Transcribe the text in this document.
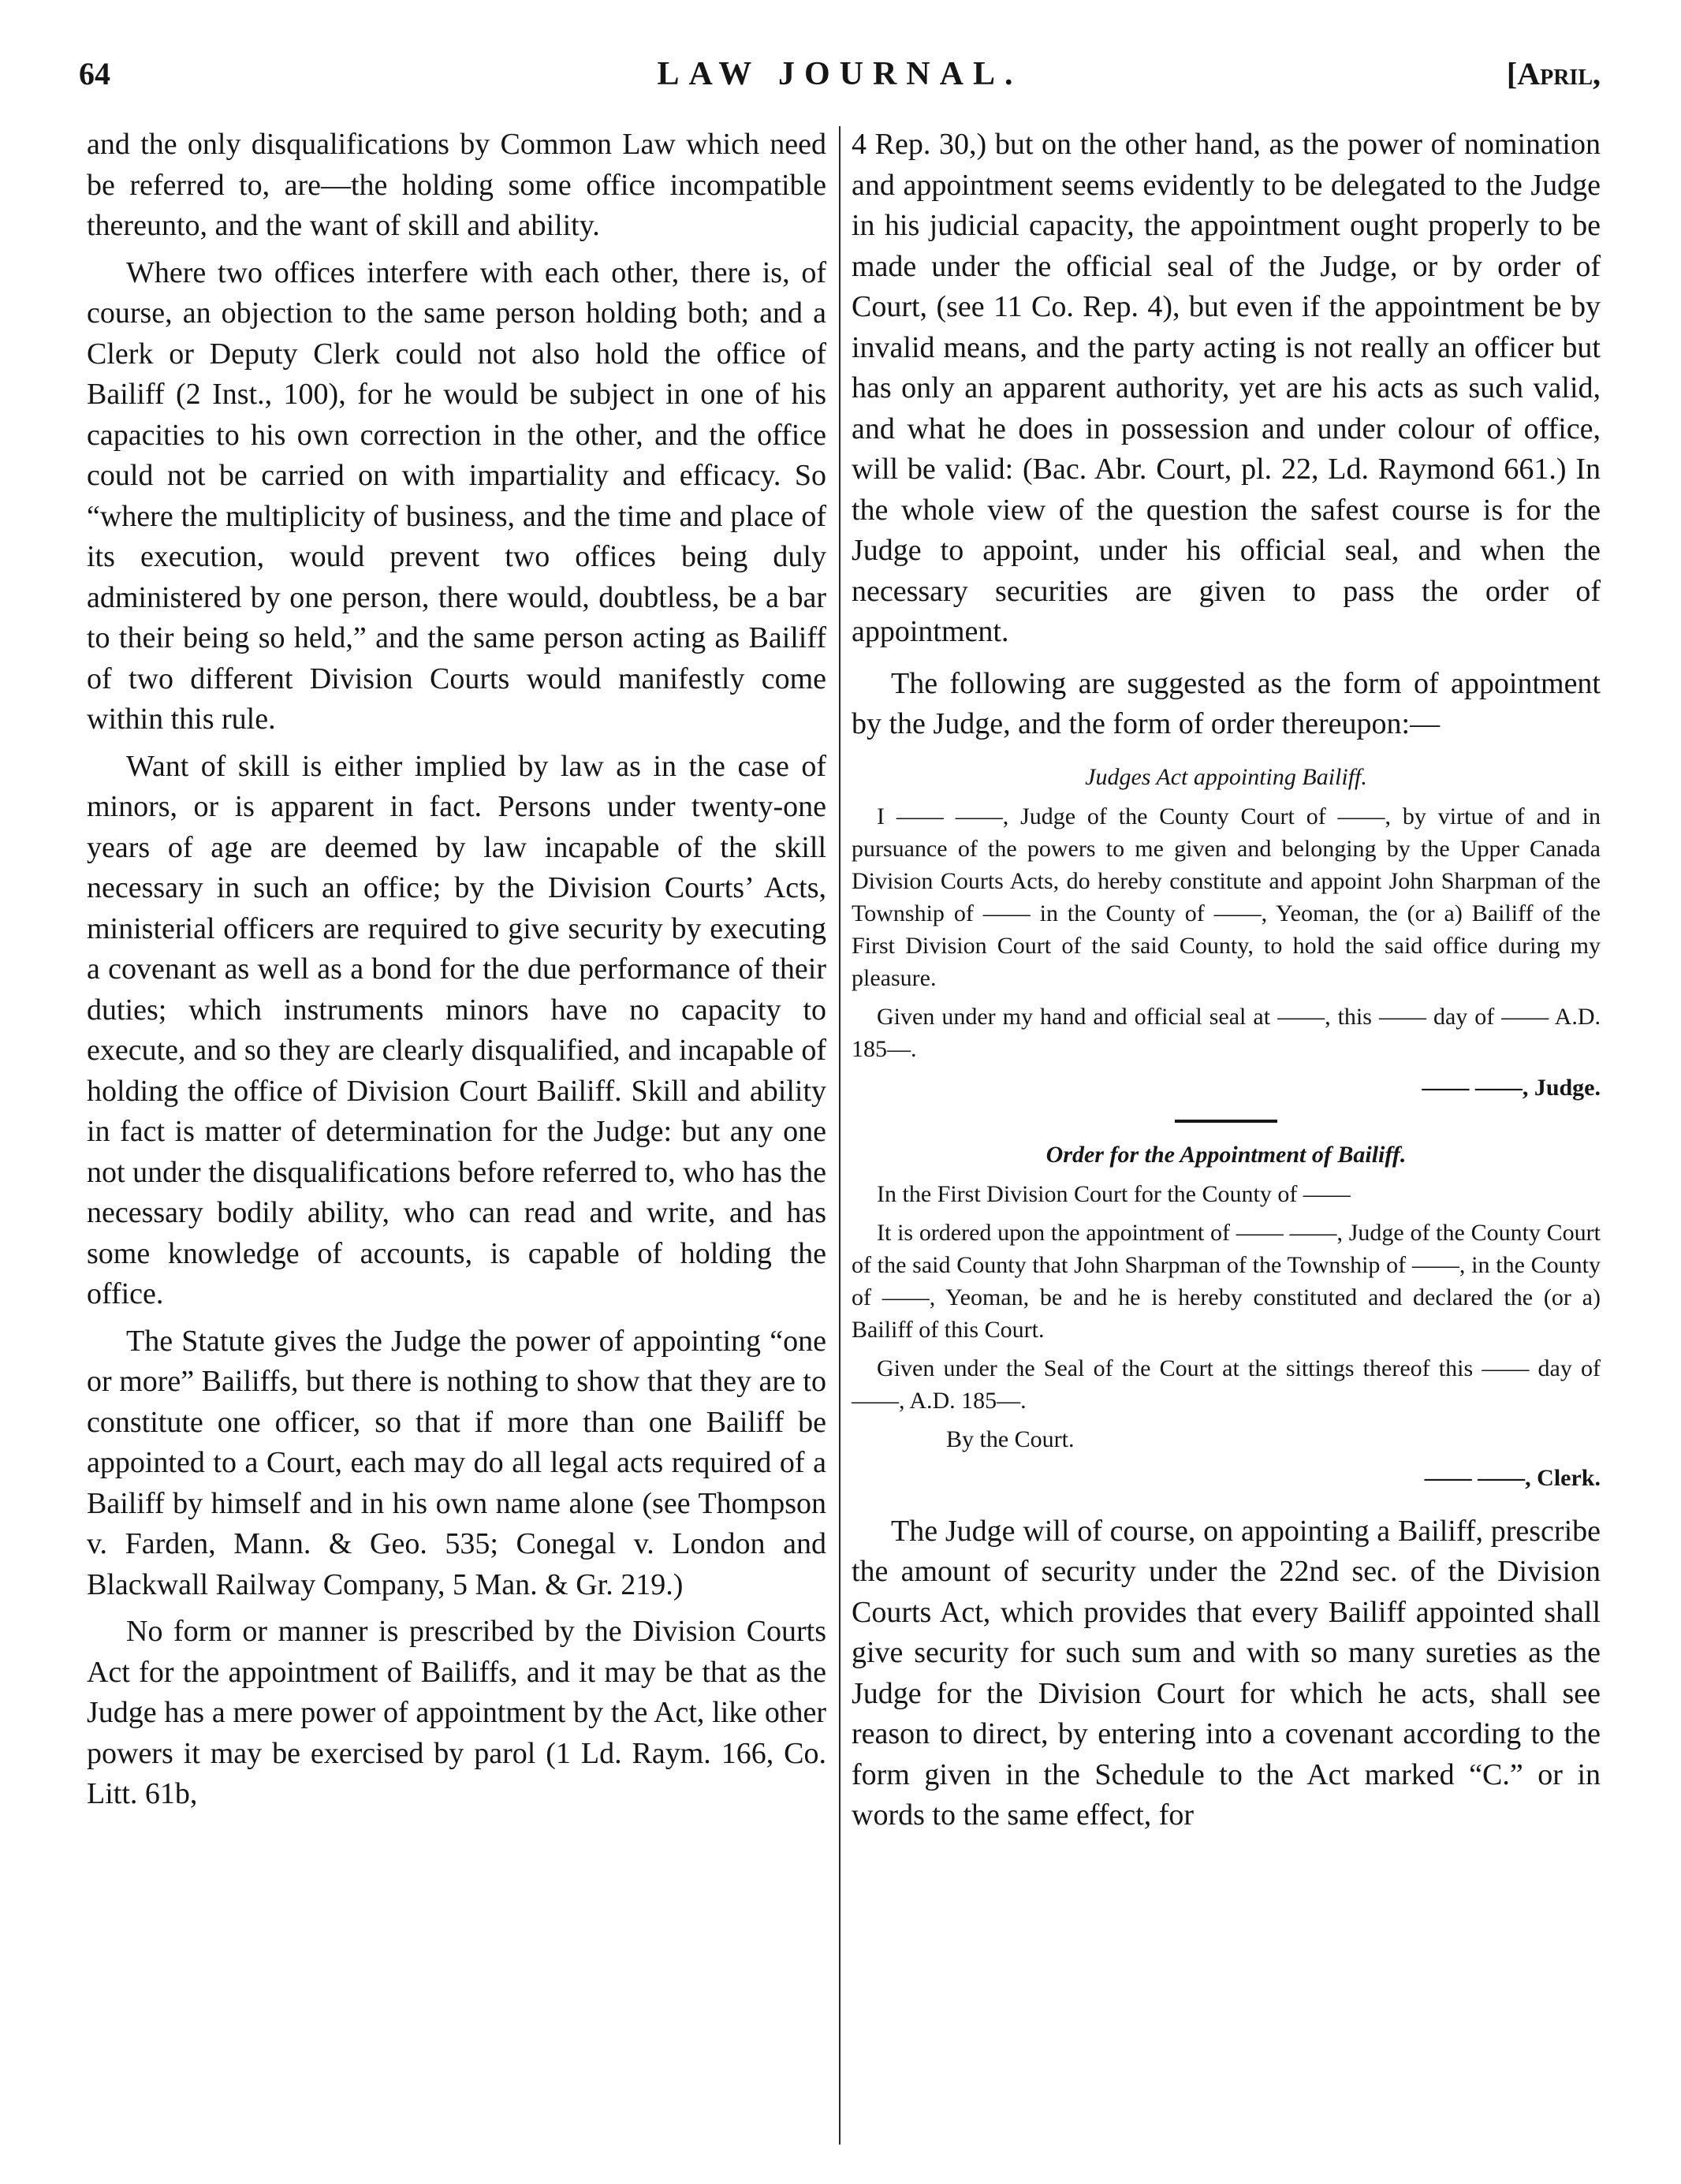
64	LAW JOURNAL.	[April,

and the only disqualifications by Common Law which need be referred to, are—the holding some office incompatible thereunto, and the want of skill and ability.

Where two offices interfere with each other, there is, of course, an objection to the same person holding both; and a Clerk or Deputy Clerk could not also hold the office of Bailiff (2 Inst., 100), for he would be subject in one of his capacities to his own correction in the other, and the office could not be carried on with impartiality and efficacy. So “where the multiplicity of business, and the time and place of its execution, would prevent two offices being duly administered by one person, there would, doubtless, be a bar to their being so held,” and the same person acting as Bailiff of two different Division Courts would manifestly come within this rule.

Want of skill is either implied by law as in the case of minors, or is apparent in fact. Persons under twenty-one years of age are deemed by law incapable of the skill necessary in such an office; by the Division Courts’ Acts, ministerial officers are required to give security by executing a covenant as well as a bond for the due performance of their duties; which instruments minors have no capacity to execute, and so they are clearly disqualified, and incapable of holding the office of Division Court Bailiff. Skill and ability in fact is matter of determination for the Judge: but any one not under the disqualifications before referred to, who has the necessary bodily ability, who can read and write, and has some knowledge of accounts, is capable of holding the office.

The Statute gives the Judge the power of appointing “one or more” Bailiffs, but there is nothing to show that they are to constitute one officer, so that if more than one Bailiff be appointed to a Court, each may do all legal acts required of a Bailiff by himself and in his own name alone (see Thompson v. Farden, Mann. & Geo. 535; Conegal v. London and Blackwall Railway Company, 5 Man. & Gr. 219.)

No form or manner is prescribed by the Division Courts Act for the appointment of Bailiffs, and it may be that as the Judge has a mere power of appointment by the Act, like other powers it may be exercised by parol (1 Ld. Raym. 166, Co. Litt. 61b,

4 Rep. 30,) but on the other hand, as the power of nomination and appointment seems evidently to be delegated to the Judge in his judicial capacity, the appointment ought properly to be made under the official seal of the Judge, or by order of Court, (see 11 Co. Rep. 4), but even if the appointment be by invalid means, and the party acting is not really an officer but has only an apparent authority, yet are his acts as such valid, and what he does in possession and under colour of office, will be valid: (Bac. Abr. Court, pl. 22, Ld. Raymond 661.) In the whole view of the question the safest course is for the Judge to appoint, under his official seal, and when the necessary securities are given to pass the order of appointment.

The following are suggested as the form of appointment by the Judge, and the form of order thereupon:—

Judges Act appointing Bailiff.

I —— ——, Judge of the County Court of ——, by virtue of and in pursuance of the powers to me given and belonging by the Upper Canada Division Courts Acts, do hereby constitute and appoint John Sharpman of the Township of —— in the County of ——, Yeoman, the (or a) Bailiff of the First Division Court of the said County, to hold the said office during my pleasure.

Given under my hand and official seal at ——, this —— day of —— A.D. 185—.

—— ——, Judge.

Order for the Appointment of Bailiff.

In the First Division Court for the County of ——

It is ordered upon the appointment of —— ——, Judge of the County Court of the said County that John Sharpman of the Township of ——, in the County of ——, Yeoman, be and he is hereby constituted and declared the (or a) Bailiff of this Court.

Given under the Seal of the Court at the sittings thereof this —— day of ——, A.D. 185—.

By the Court.

—— ——, Clerk.

The Judge will of course, on appointing a Bailiff, prescribe the amount of security under the 22nd sec. of the Division Courts Act, which provides that every Bailiff appointed shall give security for such sum and with so many sureties as the Judge for the Division Court for which he acts, shall see reason to direct, by entering into a covenant according to the form given in the Schedule to the Act marked “C.” or in words to the same effect, for
